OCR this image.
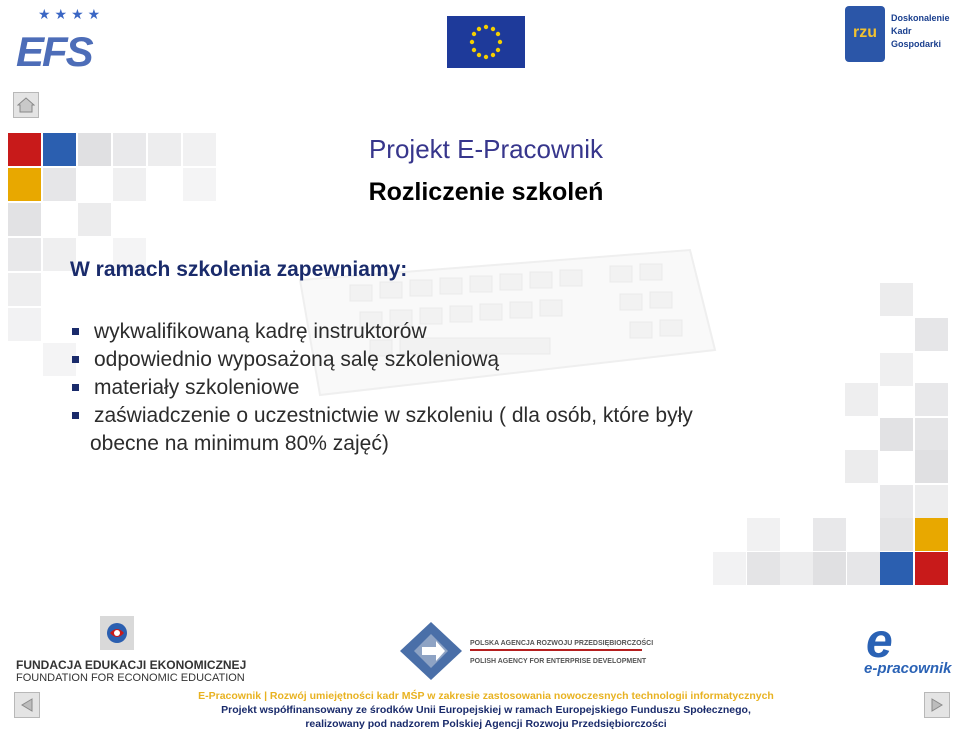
★★★★
EFS	rzu
Doskonalenie
Kadr
Gospodarki
Projekt E-Pracownik
Rozliczenie szkoleń
W ramach szkolenia zapewniamy:
wykwalifikowaną kadrę instruktorów
odpowiednio wyposażoną salę szkoleniową
materiały szkoleniowe
zaświadczenie o uczestnictwie w szkoleniu ( dla osób, które były
obecne na minimum 80% zajęć)
FUNDACJA EDUKACJI EKONOMICZNEJ
FOUNDATION FOR ECONOMIC EDUCATION
POLSKA AGENCJA ROZWOJU PRZEDSIĘBIORCZOŚCI
POLISH AGENCY FOR ENTERPRISE DEVELOPMENT	e
e-pracownik
E-Pracownik | Rozwój umiejętności kadr MŚP w zakresie zastosowania nowoczesnych technologii informatycznych
Projekt współfinansowany ze środków Unii Europejskiej w ramach Europejskiego Funduszu Społecznego,
realizowany pod nadzorem Polskiej Agencji Rozwoju Przedsiębiorczości
